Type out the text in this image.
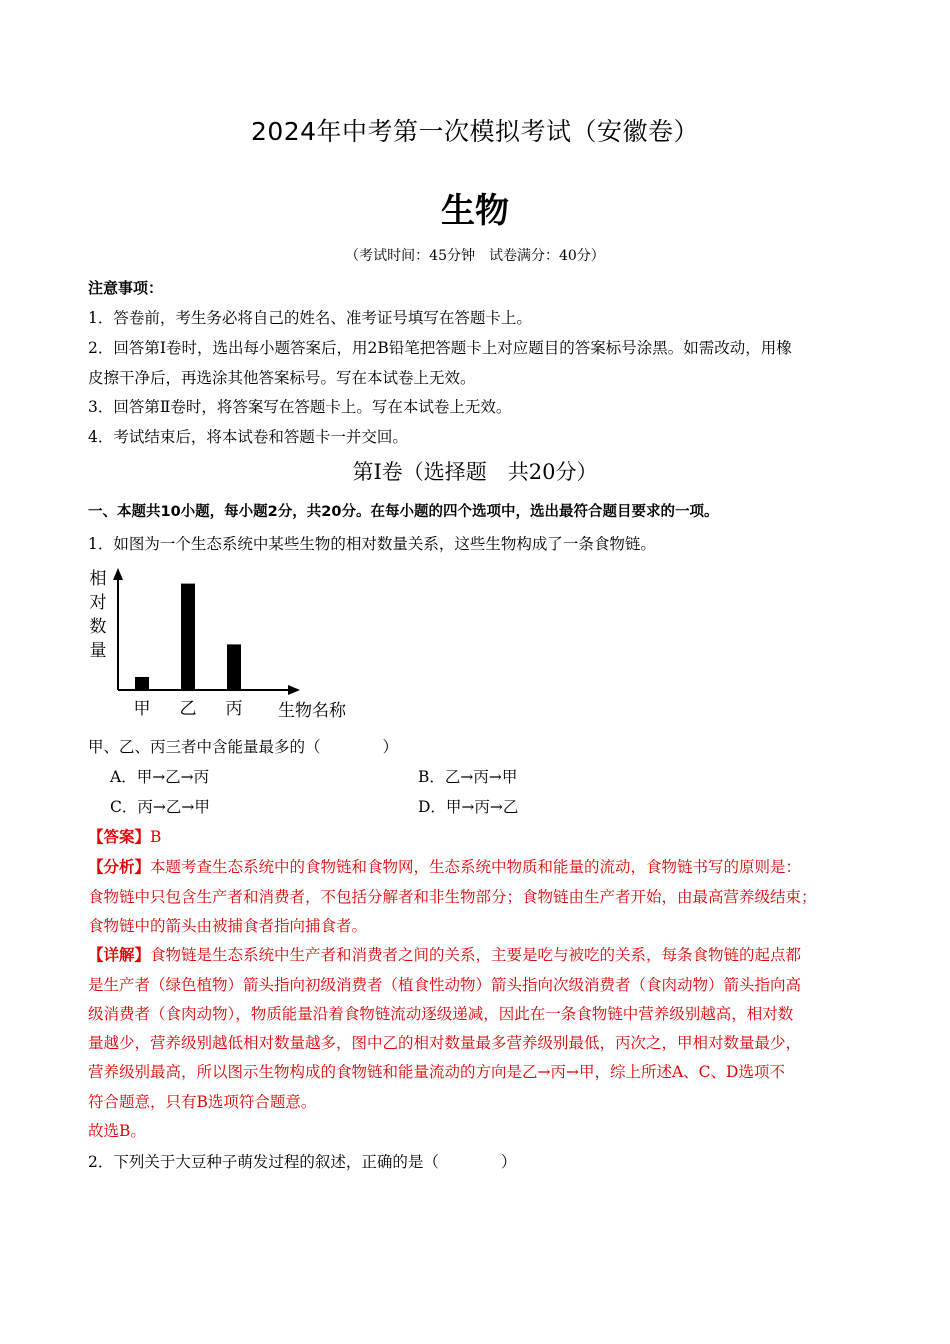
2024年中考第一次模拟考试（安徽卷）
生物
（考试时间：45分钟　试卷满分：40分）
注意事项：
1．答卷前，考生务必将自己的姓名、准考证号填写在答题卡上。
2．回答第Ⅰ卷时，选出每小题答案后，用2B铅笔把答题卡上对应题目的答案标号涂黑。如需改动，用橡
皮擦干净后，再选涂其他答案标号。写在本试卷上无效。
3．回答第Ⅱ卷时，将答案写在答题卡上。写在本试卷上无效。
4．考试结束后，将本试卷和答题卡一并交回。
第Ⅰ卷（选择题　共20分）
一、本题共10小题，每小题2分，共20分。在每小题的四个选项中，选出最符合题目要求的一项。
1．如图为一个生态系统中某些生物的相对数量关系，这些生物构成了一条食物链。
相
对
数
量
甲 乙 丙 生物名称
甲、乙、丙三者中含能量最多的（　　　　）
A．甲→乙→丙	B．乙→丙→甲
C．丙→乙→甲	D．甲→丙→乙
【答案】B
【分析】本题考查生态系统中的食物链和食物网，生态系统中物质和能量的流动，食物链书写的原则是：
食物链中只包含生产者和消费者，不包括分解者和非生物部分；食物链由生产者开始，由最高营养级结束；
食物链中的箭头由被捕食者指向捕食者。
【详解】食物链是生态系统中生产者和消费者之间的关系，主要是吃与被吃的关系，每条食物链的起点都
是生产者（绿色植物）箭头指向初级消费者（植食性动物）箭头指向次级消费者（食肉动物）箭头指向高
级消费者（食肉动物），物质能量沿着食物链流动逐级递减，因此在一条食物链中营养级别越高，相对数
量越少，营养级别越低相对数量越多，图中乙的相对数量最多营养级别最低，丙次之，甲相对数量最少，
营养级别最高，所以图示生物构成的食物链和能量流动的方向是乙→丙→甲，综上所述A、C、D选项不
符合题意，只有B选项符合题意。
故选B。
2．下列关于大豆种子萌发过程的叙述，正确的是（　　　　）
